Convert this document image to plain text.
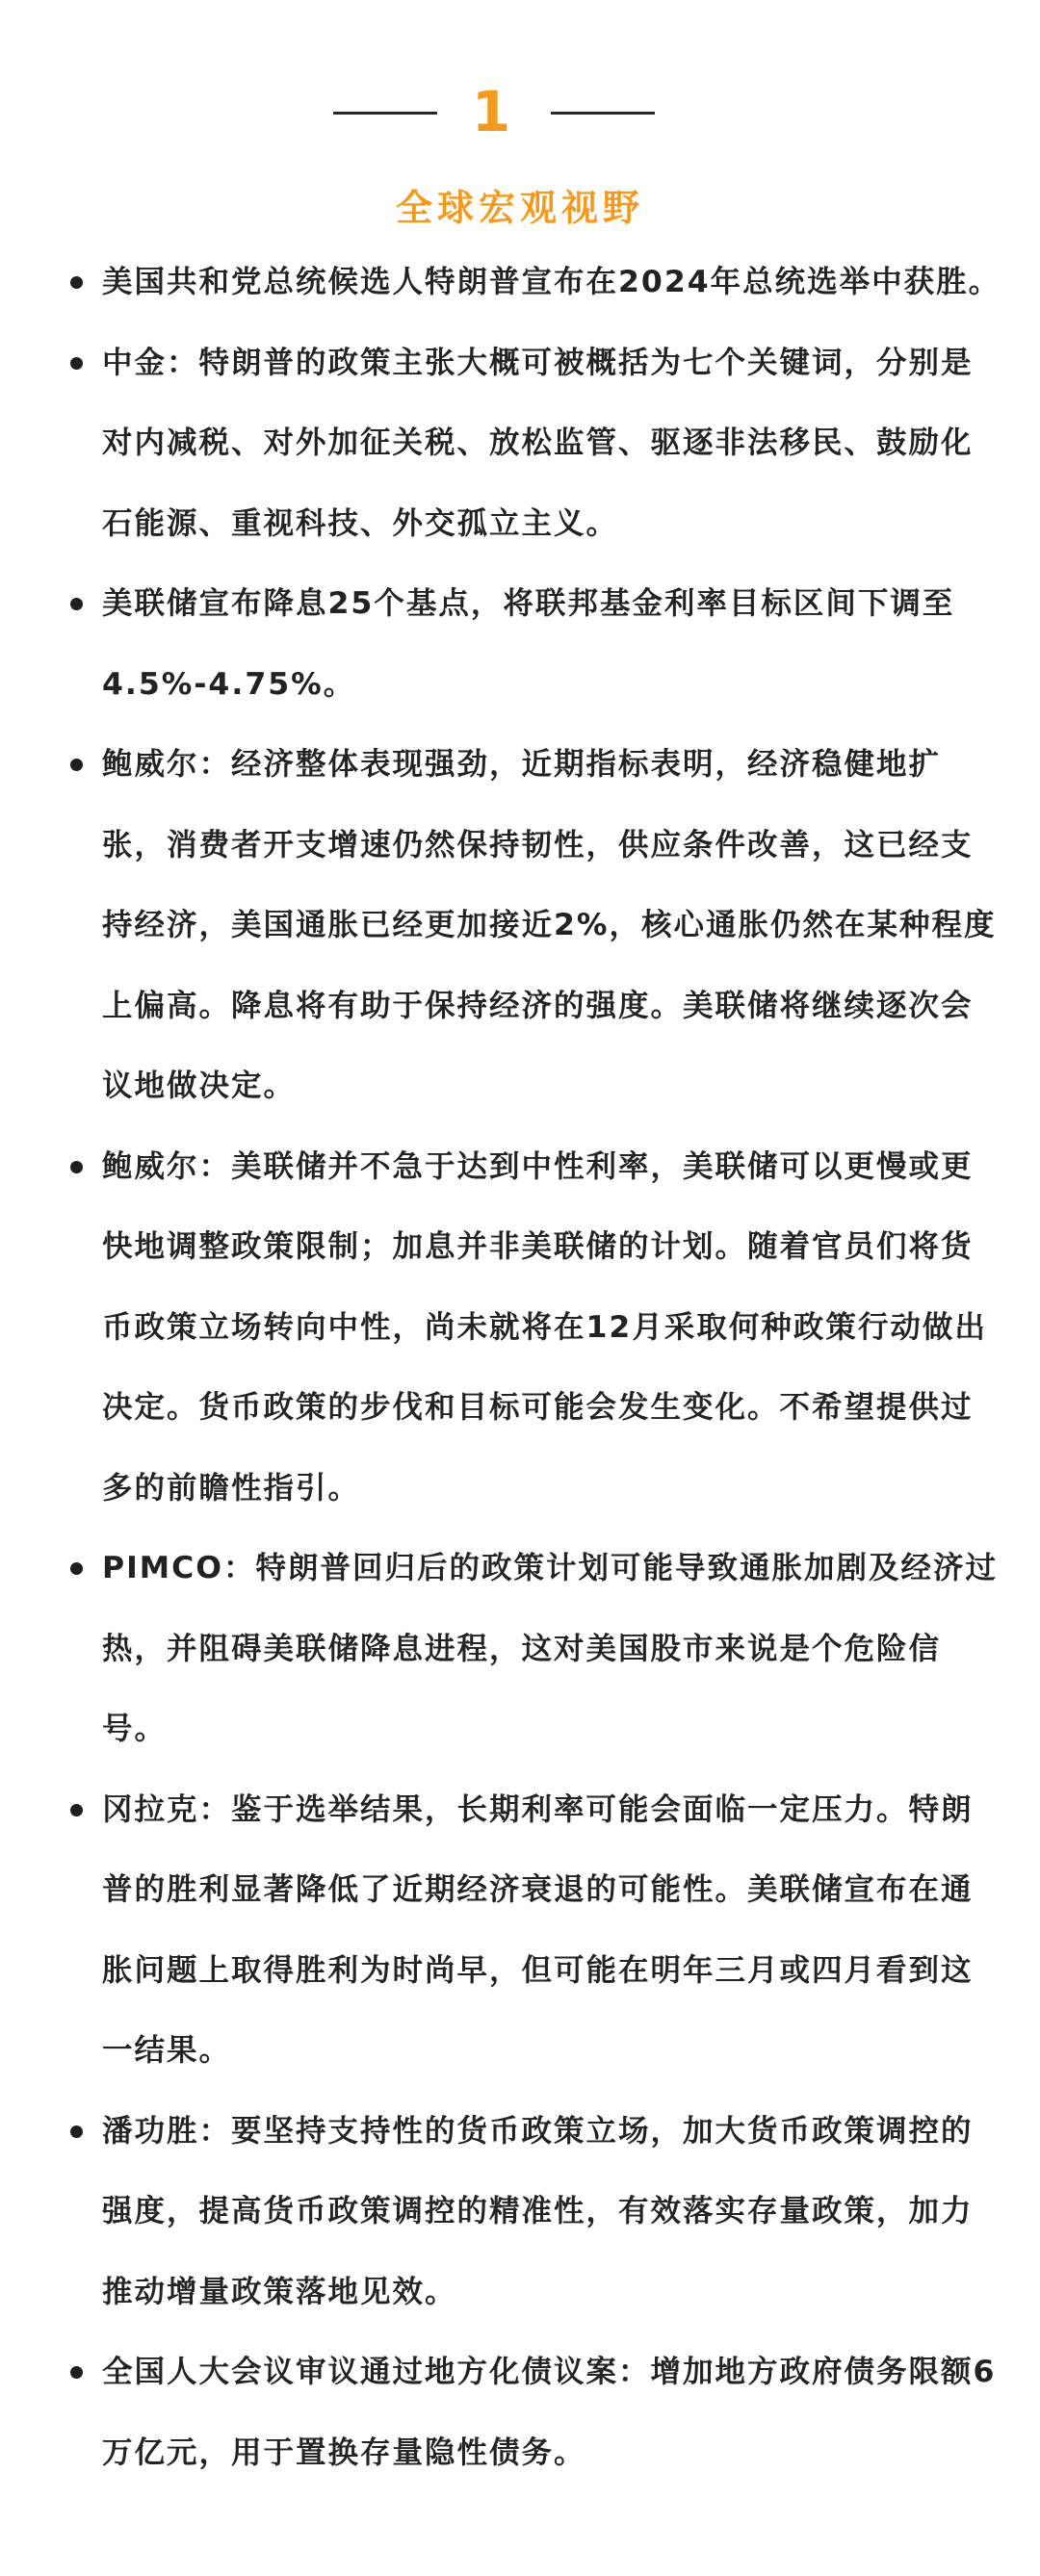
1
全球宏观视野
美国共和党总统候选人特朗普宣布在2024年总统选举中获胜。
中金：特朗普的政策主张大概可被概括为七个关键词，分别是对内减税、对外加征关税、放松监管、驱逐非法移民、鼓励化石能源、重视科技、外交孤立主义。
美联储宣布降息25个基点，将联邦基金利率目标区间下调至4.5%-4.75%。
鲍威尔：经济整体表现强劲，近期指标表明，经济稳健地扩张，消费者开支增速仍然保持韧性，供应条件改善，这已经支持经济，美国通胀已经更加接近2%，核心通胀仍然在某种程度上偏高。降息将有助于保持经济的强度。美联储将继续逐次会议地做决定。
鲍威尔：美联储并不急于达到中性利率，美联储可以更慢或更快地调整政策限制；加息并非美联储的计划。随着官员们将货币政策立场转向中性，尚未就将在12月采取何种政策行动做出决定。货币政策的步伐和目标可能会发生变化。不希望提供过多的前瞻性指引。
PIMCO：特朗普回归后的政策计划可能导致通胀加剧及经济过热，并阻碍美联储降息进程，这对美国股市来说是个危险信号。
冈拉克：鉴于选举结果，长期利率可能会面临一定压力。特朗普的胜利显著降低了近期经济衰退的可能性。美联储宣布在通胀问题上取得胜利为时尚早，但可能在明年三月或四月看到这一结果。
潘功胜：要坚持支持性的货币政策立场，加大货币政策调控的强度，提高货币政策调控的精准性，有效落实存量政策，加力推动增量政策落地见效。
全国人大会议审议通过地方化债议案：增加地方政府债务限额6万亿元，用于置换存量隐性债务。
